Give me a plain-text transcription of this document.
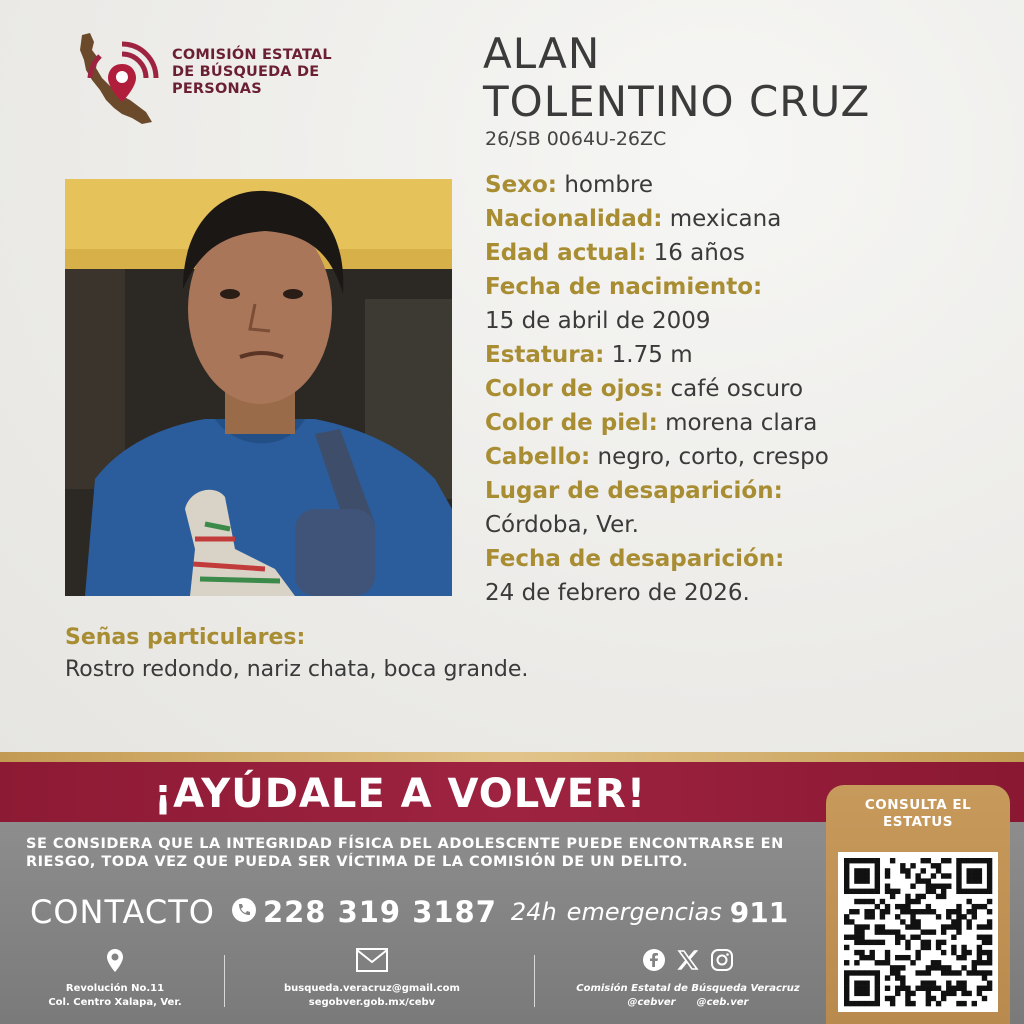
COMISIÓN ESTATAL
DE BÚSQUEDA DE
PERSONAS
ALAN
TOLENTINO CRUZ
26/SB 0064U-26ZC
Sexo: hombre
Nacionalidad: mexicana
Edad actual: 16 años
Fecha de nacimiento:
15 de abril de 2009
Estatura: 1.75 m
Color de ojos: café oscuro
Color de piel: morena clara
Cabello: negro, corto, crespo
Lugar de desaparición:
Córdoba, Ver.
Fecha de desaparición:
24 de febrero de 2026.
Señas particulares:
Rostro redondo, nariz chata, boca grande.
¡AYÚDALE A VOLVER!
SE CONSIDERA QUE LA INTEGRIDAD FÍSICA DEL ADOLESCENTE PUEDE ENCONTRARSE EN
RIESGO, TODA VEZ QUE PUEDA SER VÍCTIMA DE LA COMISIÓN DE UN DELITO.
CONTACTO 228 319 3187 24h emergencias 911
Revolución No.11
Col. Centro Xalapa, Ver.
busqueda.veracruz@gmail.com
segobver.gob.mx/cebv
Comisión Estatal de Búsqueda Veracruz
@cebver @ceb.ver
CONSULTA EL
ESTATUS
